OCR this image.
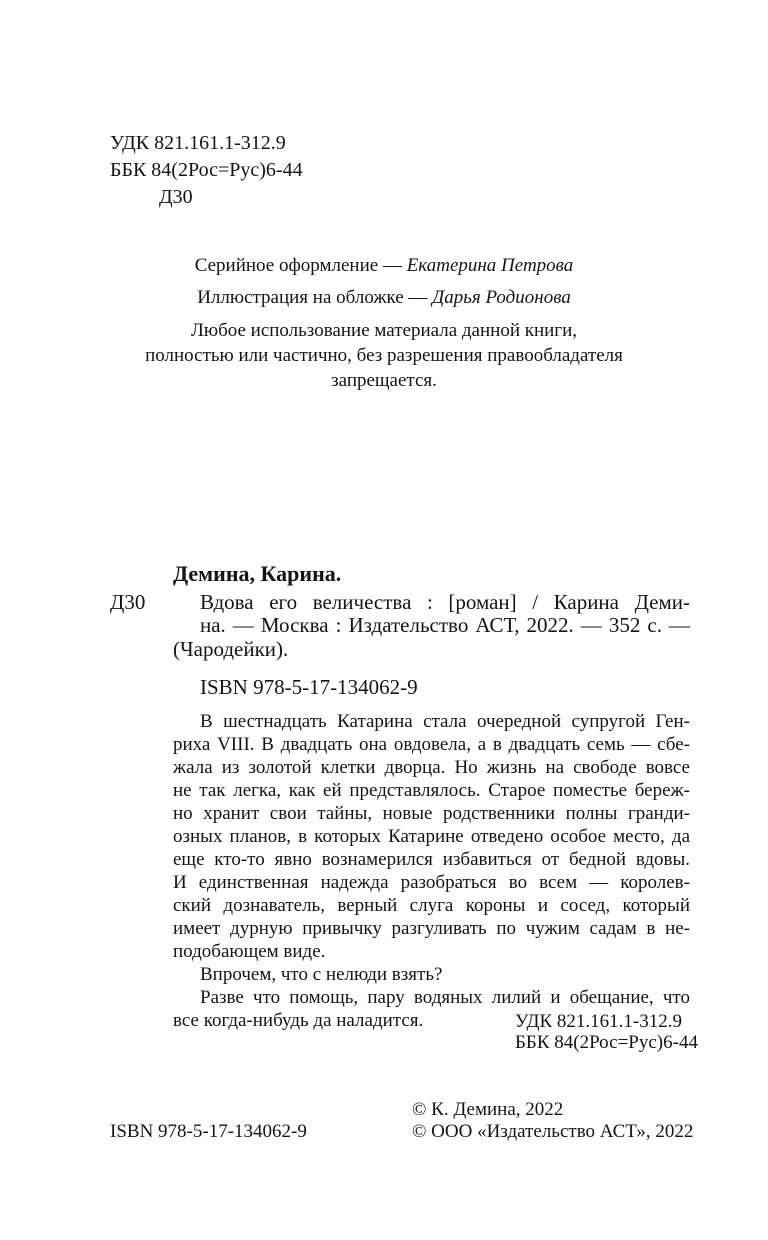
УДК 821.161.1-312.9
ББК 84(2Рос=Рус)6-44
Д30
Серийное оформление — Екатерина Петрова
Иллюстрация на обложке — Дарья Родионова
Любое использование материала данной книги,
полностью или частично, без разрешения правообладателя
запрещается.
Демина, Карина.
Д30	Вдова его величества : [роман] / Карина Деми-
на. — Москва : Издательство АСТ, 2022. — 352 с. —
(Чародейки).
ISBN 978-5-17-134062-9
В шестнадцать Катарина стала очередной супругой Ген-
риха VIII. В двадцать она овдовела, а в двадцать семь — сбе-
жала из золотой клетки дворца. Но жизнь на свободе вовсе
не так легка, как ей представлялось. Старое поместье береж-
но хранит свои тайны, новые родственники полны гранди-
озных планов, в которых Катарине отведено особое место, да
еще кто-то явно вознамерился избавиться от бедной вдовы.
И единственная надежда разобраться во всем — королев-
ский дознаватель, верный слуга короны и сосед, который
имеет дурную привычку разгуливать по чужим садам в не-
подобающем виде.
Впрочем, что с нелюди взять?
Разве что помощь, пару водяных лилий и обещание, что
все когда-нибудь да наладится.	УДК 821.161.1-312.9
ББК 84(2Рос=Рус)6-44
© К. Демина, 2022
ISBN 978-5-17-134062-9	© ООО «Издательство АСТ», 2022
